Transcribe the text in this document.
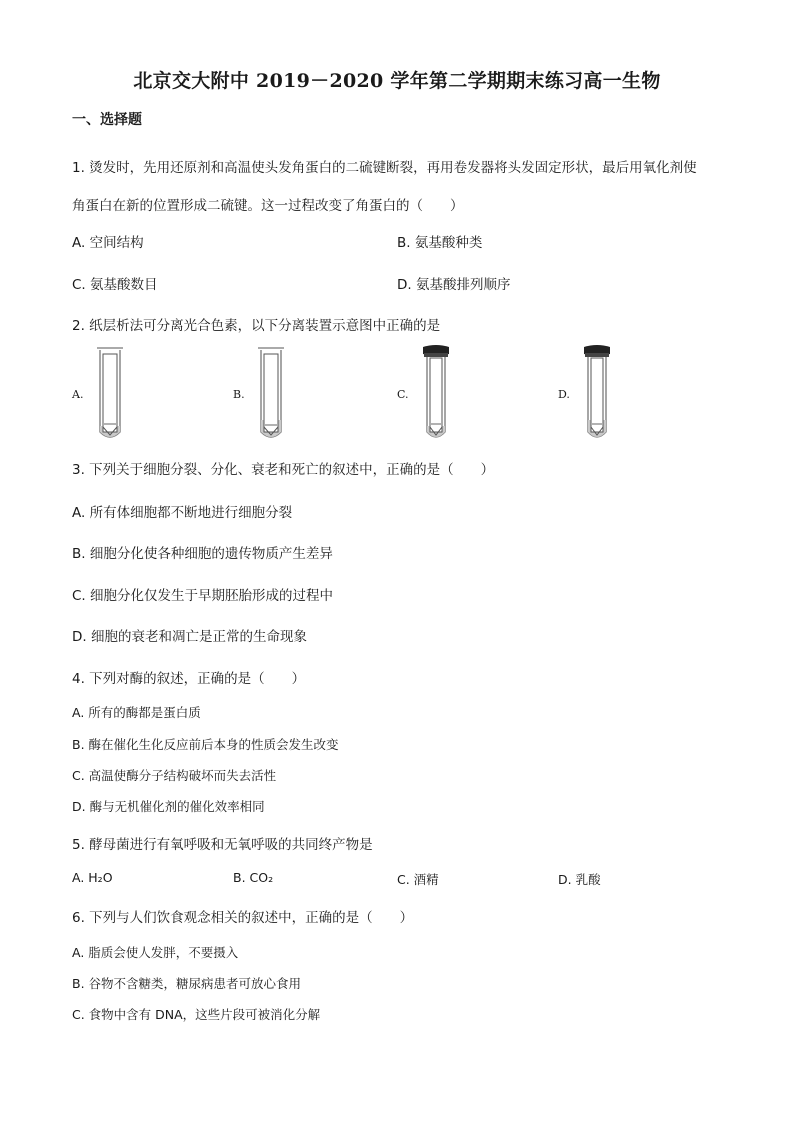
北京交大附中 2019－2020 学年第二学期期末练习高一生物
一、选择题
1. 烫发时，先用还原剂和高温使头发角蛋白的二硫键断裂，再用卷发器将头发固定形状，最后用氧化剂使
角蛋白在新的位置形成二硫键。这一过程改变了角蛋白的（　　）
A. 空间结构	B. 氨基酸种类
C. 氨基酸数目	D. 氨基酸排列顺序
2. 纸层析法可分离光合色素，以下分离装置示意图中正确的是
A.	B.	C.	D.
3. 下列关于细胞分裂、分化、衰老和死亡的叙述中，正确的是（　　）
A. 所有体细胞都不断地进行细胞分裂
B. 细胞分化使各种细胞的遗传物质产生差异
C. 细胞分化仅发生于早期胚胎形成的过程中
D. 细胞的衰老和凋亡是正常的生命现象
4. 下列对酶的叙述，正确的是（　　）
A. 所有的酶都是蛋白质
B. 酶在催化生化反应前后本身的性质会发生改变
C. 高温使酶分子结构破坏而失去活性
D. 酶与无机催化剂的催化效率相同
5. 酵母菌进行有氧呼吸和无氧呼吸的共同终产物是
A. H₂O	B. CO₂	C. 酒精	D. 乳酸
6. 下列与人们饮食观念相关的叙述中，正确的是（　　）
A. 脂质会使人发胖，不要摄入
B. 谷物不含糖类，糖尿病患者可放心食用
C. 食物中含有 DNA，这些片段可被消化分解
